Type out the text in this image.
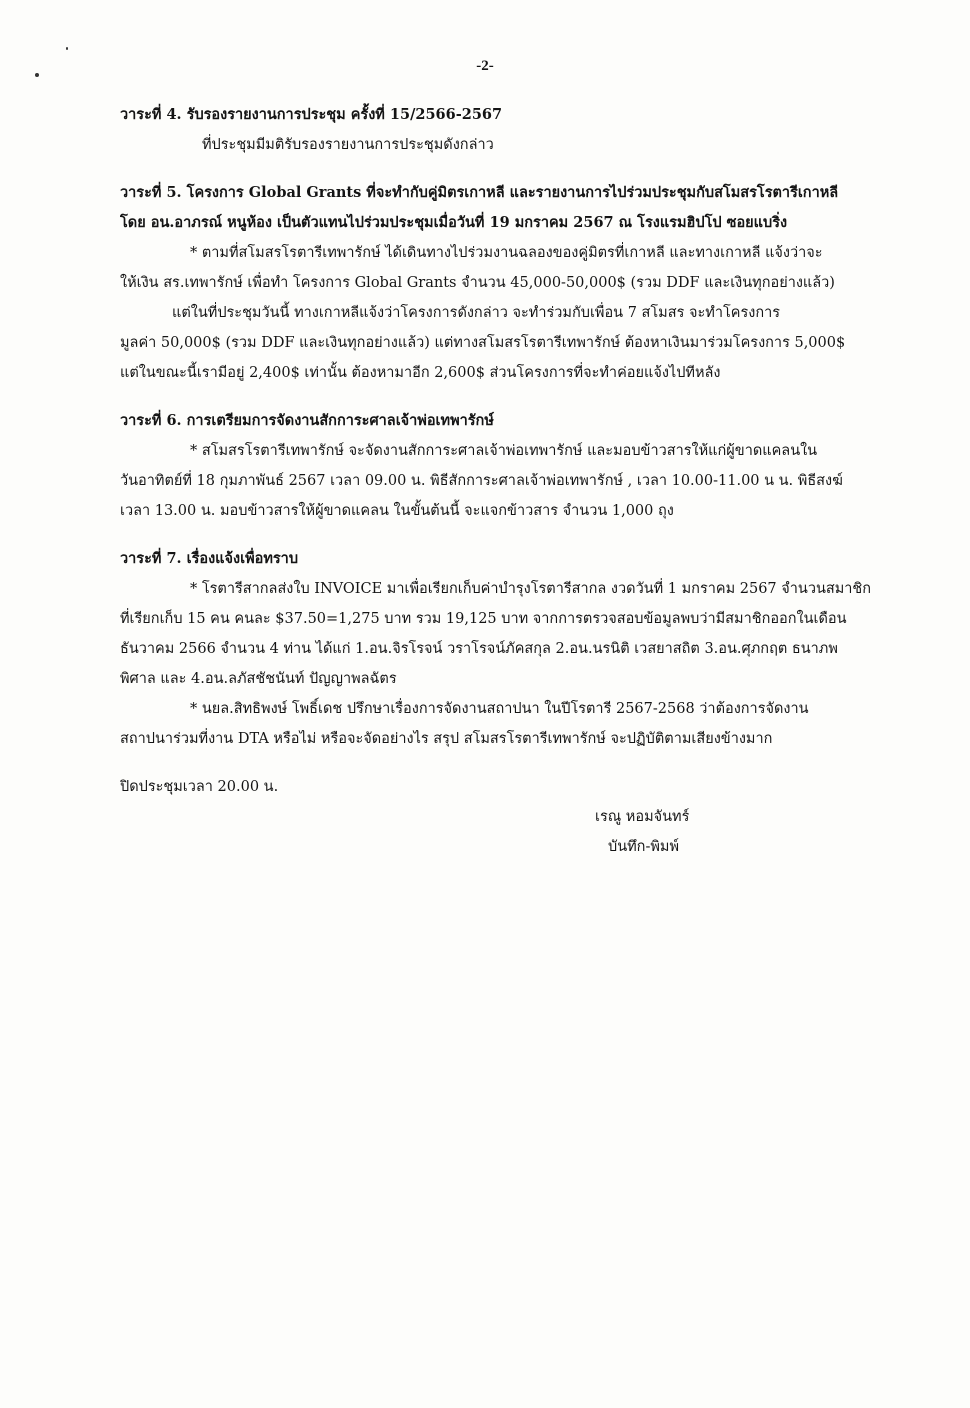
-2-
วาระที่ 4. รับรองรายงานการประชุม ครั้งที่ 15/2566-2567
ที่ประชุมมีมติรับรองรายงานการประชุมดังกล่าว
วาระที่ 5. โครงการ Global Grants ที่จะทำกับคู่มิตรเกาหลี และรายงานการไปร่วมประชุมกับสโมสรโรตารีเกาหลี
โดย อน.อาภรณ์ หนูห้อง เป็นตัวแทนไปร่วมประชุมเมื่อวันที่ 19 มกราคม 2567 ณ โรงแรมฮิปโป ซอยแบริ่ง
* ตามที่สโมสรโรตารีเทพารักษ์ ได้เดินทางไปร่วมงานฉลองของคู่มิตรที่เกาหลี และทางเกาหลี แจ้งว่าจะ
ให้เงิน สร.เทพารักษ์ เพื่อทำ โครงการ Global Grants จำนวน 45,000-50,000$ (รวม DDF และเงินทุกอย่างแล้ว)
แต่ในที่ประชุมวันนี้ ทางเกาหลีแจ้งว่าโครงการดังกล่าว จะทำร่วมกับเพื่อน 7 สโมสร จะทำโครงการ
มูลค่า 50,000$ (รวม DDF และเงินทุกอย่างแล้ว) แต่ทางสโมสรโรตารีเทพารักษ์ ต้องหาเงินมาร่วมโครงการ 5,000$
แต่ในขณะนี้เรามีอยู่ 2,400$ เท่านั้น ต้องหามาอีก 2,600$ ส่วนโครงการที่จะทำค่อยแจ้งไปทีหลัง
วาระที่ 6. การเตรียมการจัดงานสักการะศาลเจ้าพ่อเทพารักษ์
* สโมสรโรตารีเทพารักษ์ จะจัดงานสักการะศาลเจ้าพ่อเทพารักษ์ และมอบข้าวสารให้แก่ผู้ขาดแคลนใน
วันอาทิตย์ที่ 18 กุมภาพันธ์ 2567 เวลา 09.00 น. พิธีสักการะศาลเจ้าพ่อเทพารักษ์ , เวลา 10.00-11.00 น น. พิธีสงฆ์
เวลา 13.00 น. มอบข้าวสารให้ผู้ขาดแคลน ในขั้นต้นนี้ จะแจกข้าวสาร จำนวน 1,000 ถุง
วาระที่ 7. เรื่องแจ้งเพื่อทราบ
* โรตารีสากลส่งใบ INVOICE มาเพื่อเรียกเก็บค่าบำรุงโรตารีสากล งวดวันที่ 1 มกราคม 2567 จำนวนสมาชิก
ที่เรียกเก็บ 15 คน คนละ $37.50=1,275 บาท รวม 19,125 บาท จากการตรวจสอบข้อมูลพบว่ามีสมาชิกออกในเดือน
ธันวาคม 2566 จำนวน 4 ท่าน ได้แก่ 1.อน.จิรโรจน์ วราโรจน์ภัคสกุล 2.อน.นรนิติ เวสยาสถิต 3.อน.ศุภกฤต ธนาภพ
พิศาล และ 4.อน.ลภัสชัชนันท์ ปัญญาพลฉัตร
* นยล.สิทธิพงษ์ โพธิ์เดช ปรึกษาเรื่องการจัดงานสถาปนา ในปีโรตารี 2567-2568 ว่าต้องการจัดงาน
สถาปนาร่วมที่งาน DTA หรือไม่ หรือจะจัดอย่างไร สรุป สโมสรโรตารีเทพารักษ์ จะปฏิบัติตามเสียงข้างมาก
ปิดประชุมเวลา 20.00 น.
เรณู หอมจันทร์
บันทึก-พิมพ์
